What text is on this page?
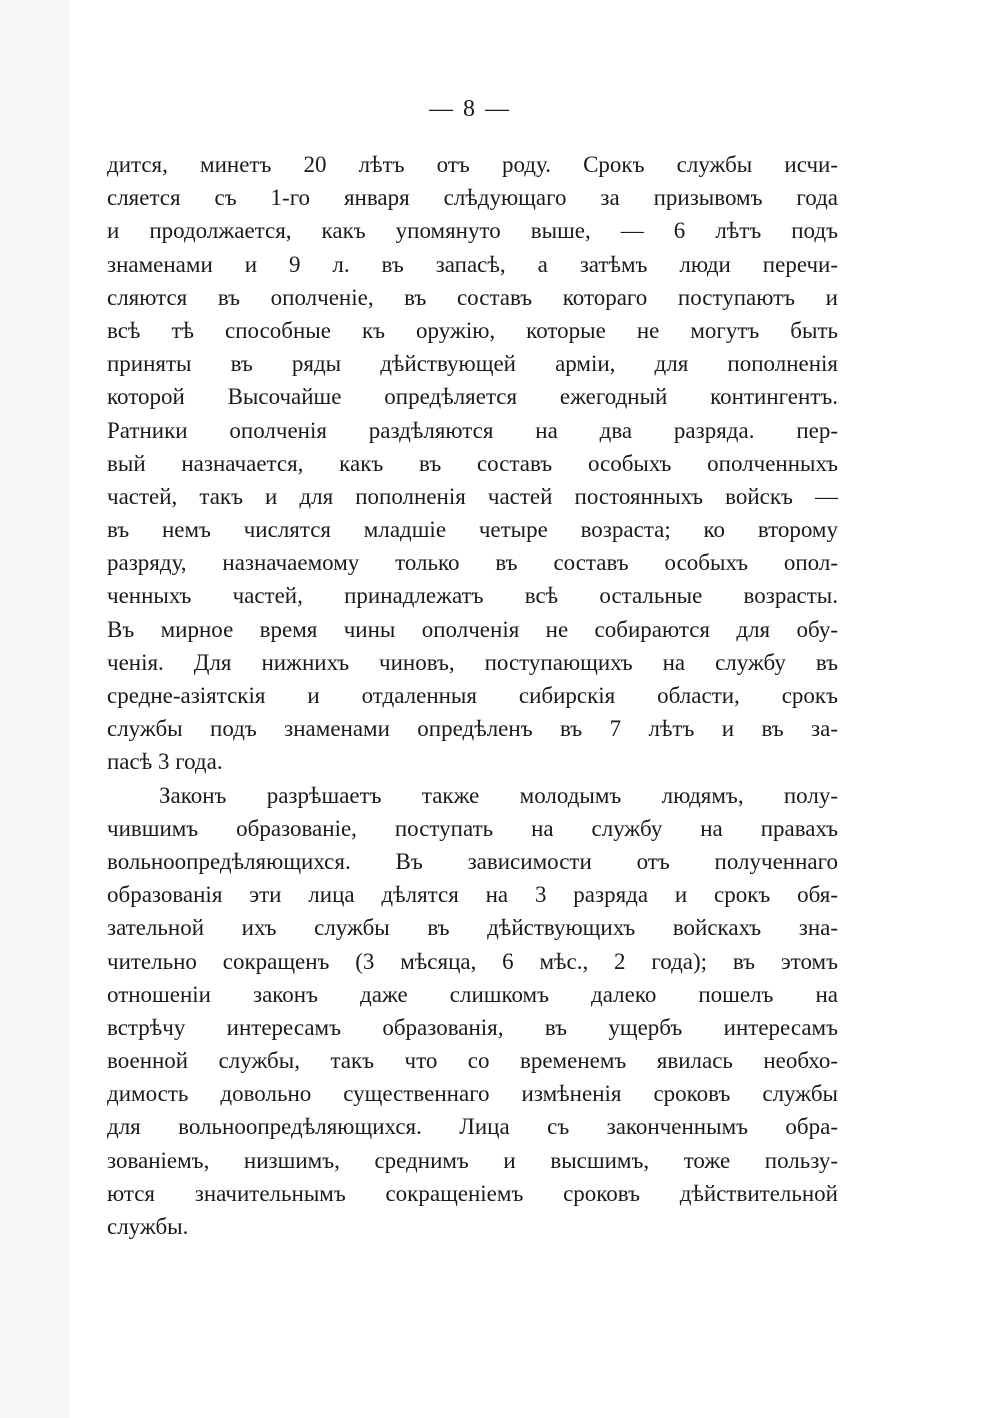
— 8 —
дится, минетъ 20 лѣтъ отъ роду. Срокъ службы исчи-
сляется съ 1-го января слѣдующаго за призывомъ года
и продолжается, какъ упомянуто выше, — 6 лѣтъ подъ
знаменами и 9 л. въ запасѣ, а затѣмъ люди перечи-
сляются въ ополченіе, въ составъ котораго поступаютъ и
всѣ тѣ способные къ оружію, которые не могутъ быть
приняты въ ряды дѣйствующей арміи, для пополненія
которой Высочайше опредѣляется ежегодный контингентъ.
Ратники ополченія раздѣляются на два разряда. пер-
вый назначается, какъ въ составъ особыхъ ополченныхъ
частей, такъ и для пополненія частей постоянныхъ войскъ —
въ немъ числятся младшіе четыре возраста; ко второму
разряду, назначаемому только въ составъ особыхъ опол-
ченныхъ частей, принадлежатъ всѣ остальные возрасты.
Въ мирное время чины ополченія не собираются для обу-
ченія. Для нижнихъ чиновъ, поступающихъ на службу въ
средне-азіятскія и отдаленныя сибирскія области, срокъ
службы подъ знаменами опредѣленъ въ 7 лѣтъ и въ за-
пасѣ 3 года.
Законъ разрѣшаетъ также молодымъ людямъ, полу-
чившимъ образованіе, поступать на службу на правахъ
вольноопредѣляющихся. Въ зависимости отъ полученнаго
образованія эти лица дѣлятся на 3 разряда и срокъ обя-
зательной ихъ службы въ дѣйствующихъ войскахъ зна-
чительно сокращенъ (3 мѣсяца, 6 мѣс., 2 года); въ этомъ
отношеніи законъ даже слишкомъ далеко пошелъ на
встрѣчу интересамъ образованія, въ ущербъ интересамъ
военной службы, такъ что со временемъ явилась необхо-
димость довольно существеннаго измѣненія сроковъ службы
для вольноопредѣляющихся. Лица съ законченнымъ обра-
зованіемъ, низшимъ, среднимъ и высшимъ, тоже пользу-
ются значительнымъ сокращеніемъ сроковъ дѣйствительной
службы.
